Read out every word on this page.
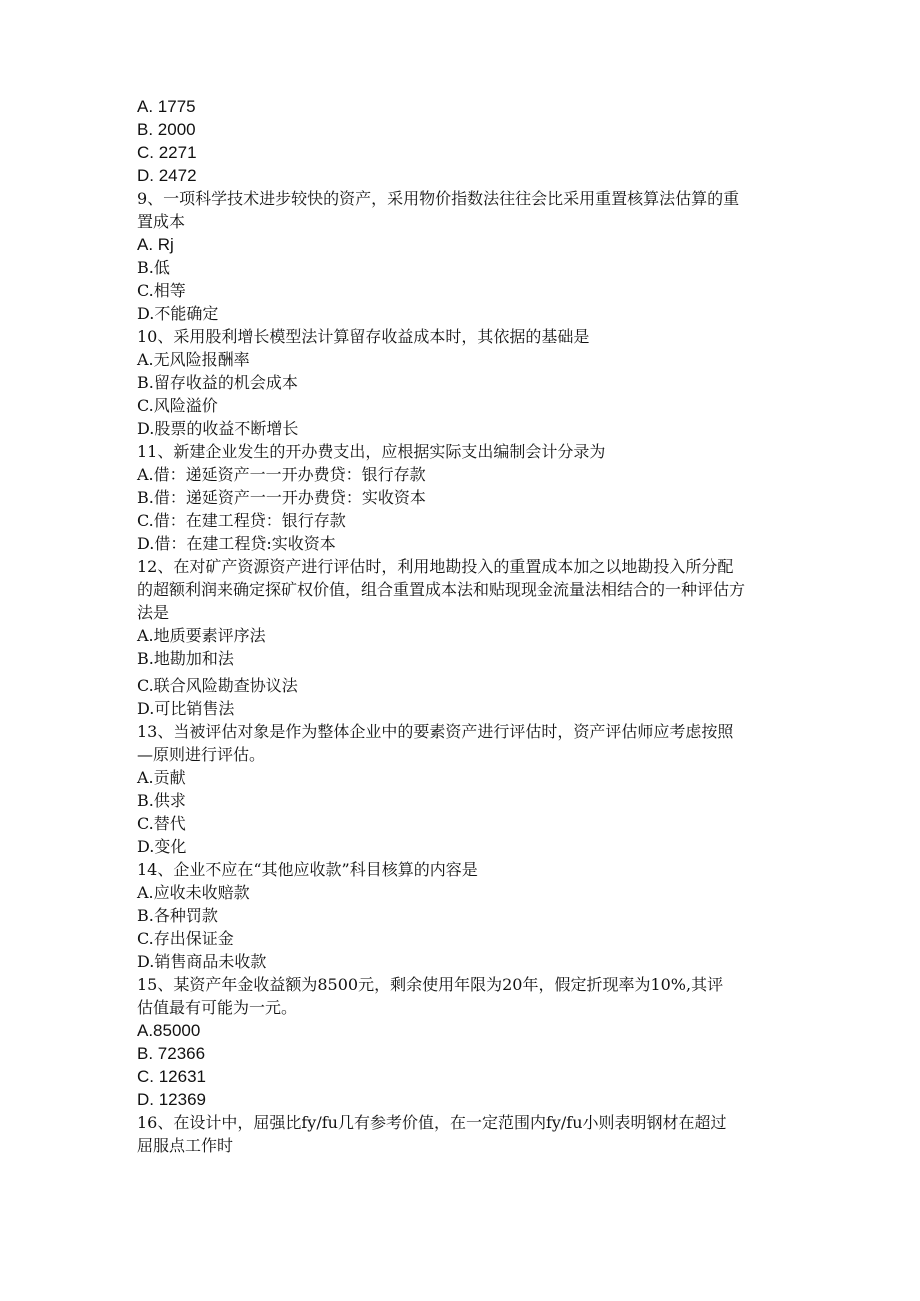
A. 1775
B. 2000
C. 2271
D. 2472
9、一项科学技术进步较快的资产，采用物价指数法往往会比采用重置核算法估算的重
置成本
A. Rj
B.低
C.相等
D.不能确定
10、采用股利增长模型法计算留存收益成本时，其依据的基础是
A.无风险报酬率
B.留存收益的机会成本
C.风险溢价
D.股票的收益不断增长
11、新建企业发生的开办费支出，应根据实际支出编制会计分录为
A.借：递延资产一一开办费贷：银行存款
B.借：递延资产一一开办费贷：实收资本
C.借：在建工程贷：银行存款
D.借：在建工程贷:实收资本
12、在对矿产资源资产进行评估时，利用地勘投入的重置成本加之以地勘投入所分配
的超额利润来确定探矿权价值，组合重置成本法和贴现现金流量法相结合的一种评估方
法是
A.地质要素评序法
B.地勘加和法
C.联合风险勘查协议法
D.可比销售法
13、当被评估对象是作为整体企业中的要素资产进行评估时，资产评估师应考虑按照
—原则进行评估。
A.贡献
B.供求
C.替代
D.变化
14、企业不应在“其他应收款”科目核算的内容是
A.应收未收赔款
B.各种罚款
C.存出保证金
D.销售商品未收款
15、某资产年金收益额为8500元，剩余使用年限为20年，假定折现率为10%,其评
估值最有可能为一元。
A.85000
B. 72366
C. 12631
D. 12369
16、在设计中，屈强比fy/fu几有参考价值，在一定范围内fy/fu小则表明钢材在超过
屈服点工作时
